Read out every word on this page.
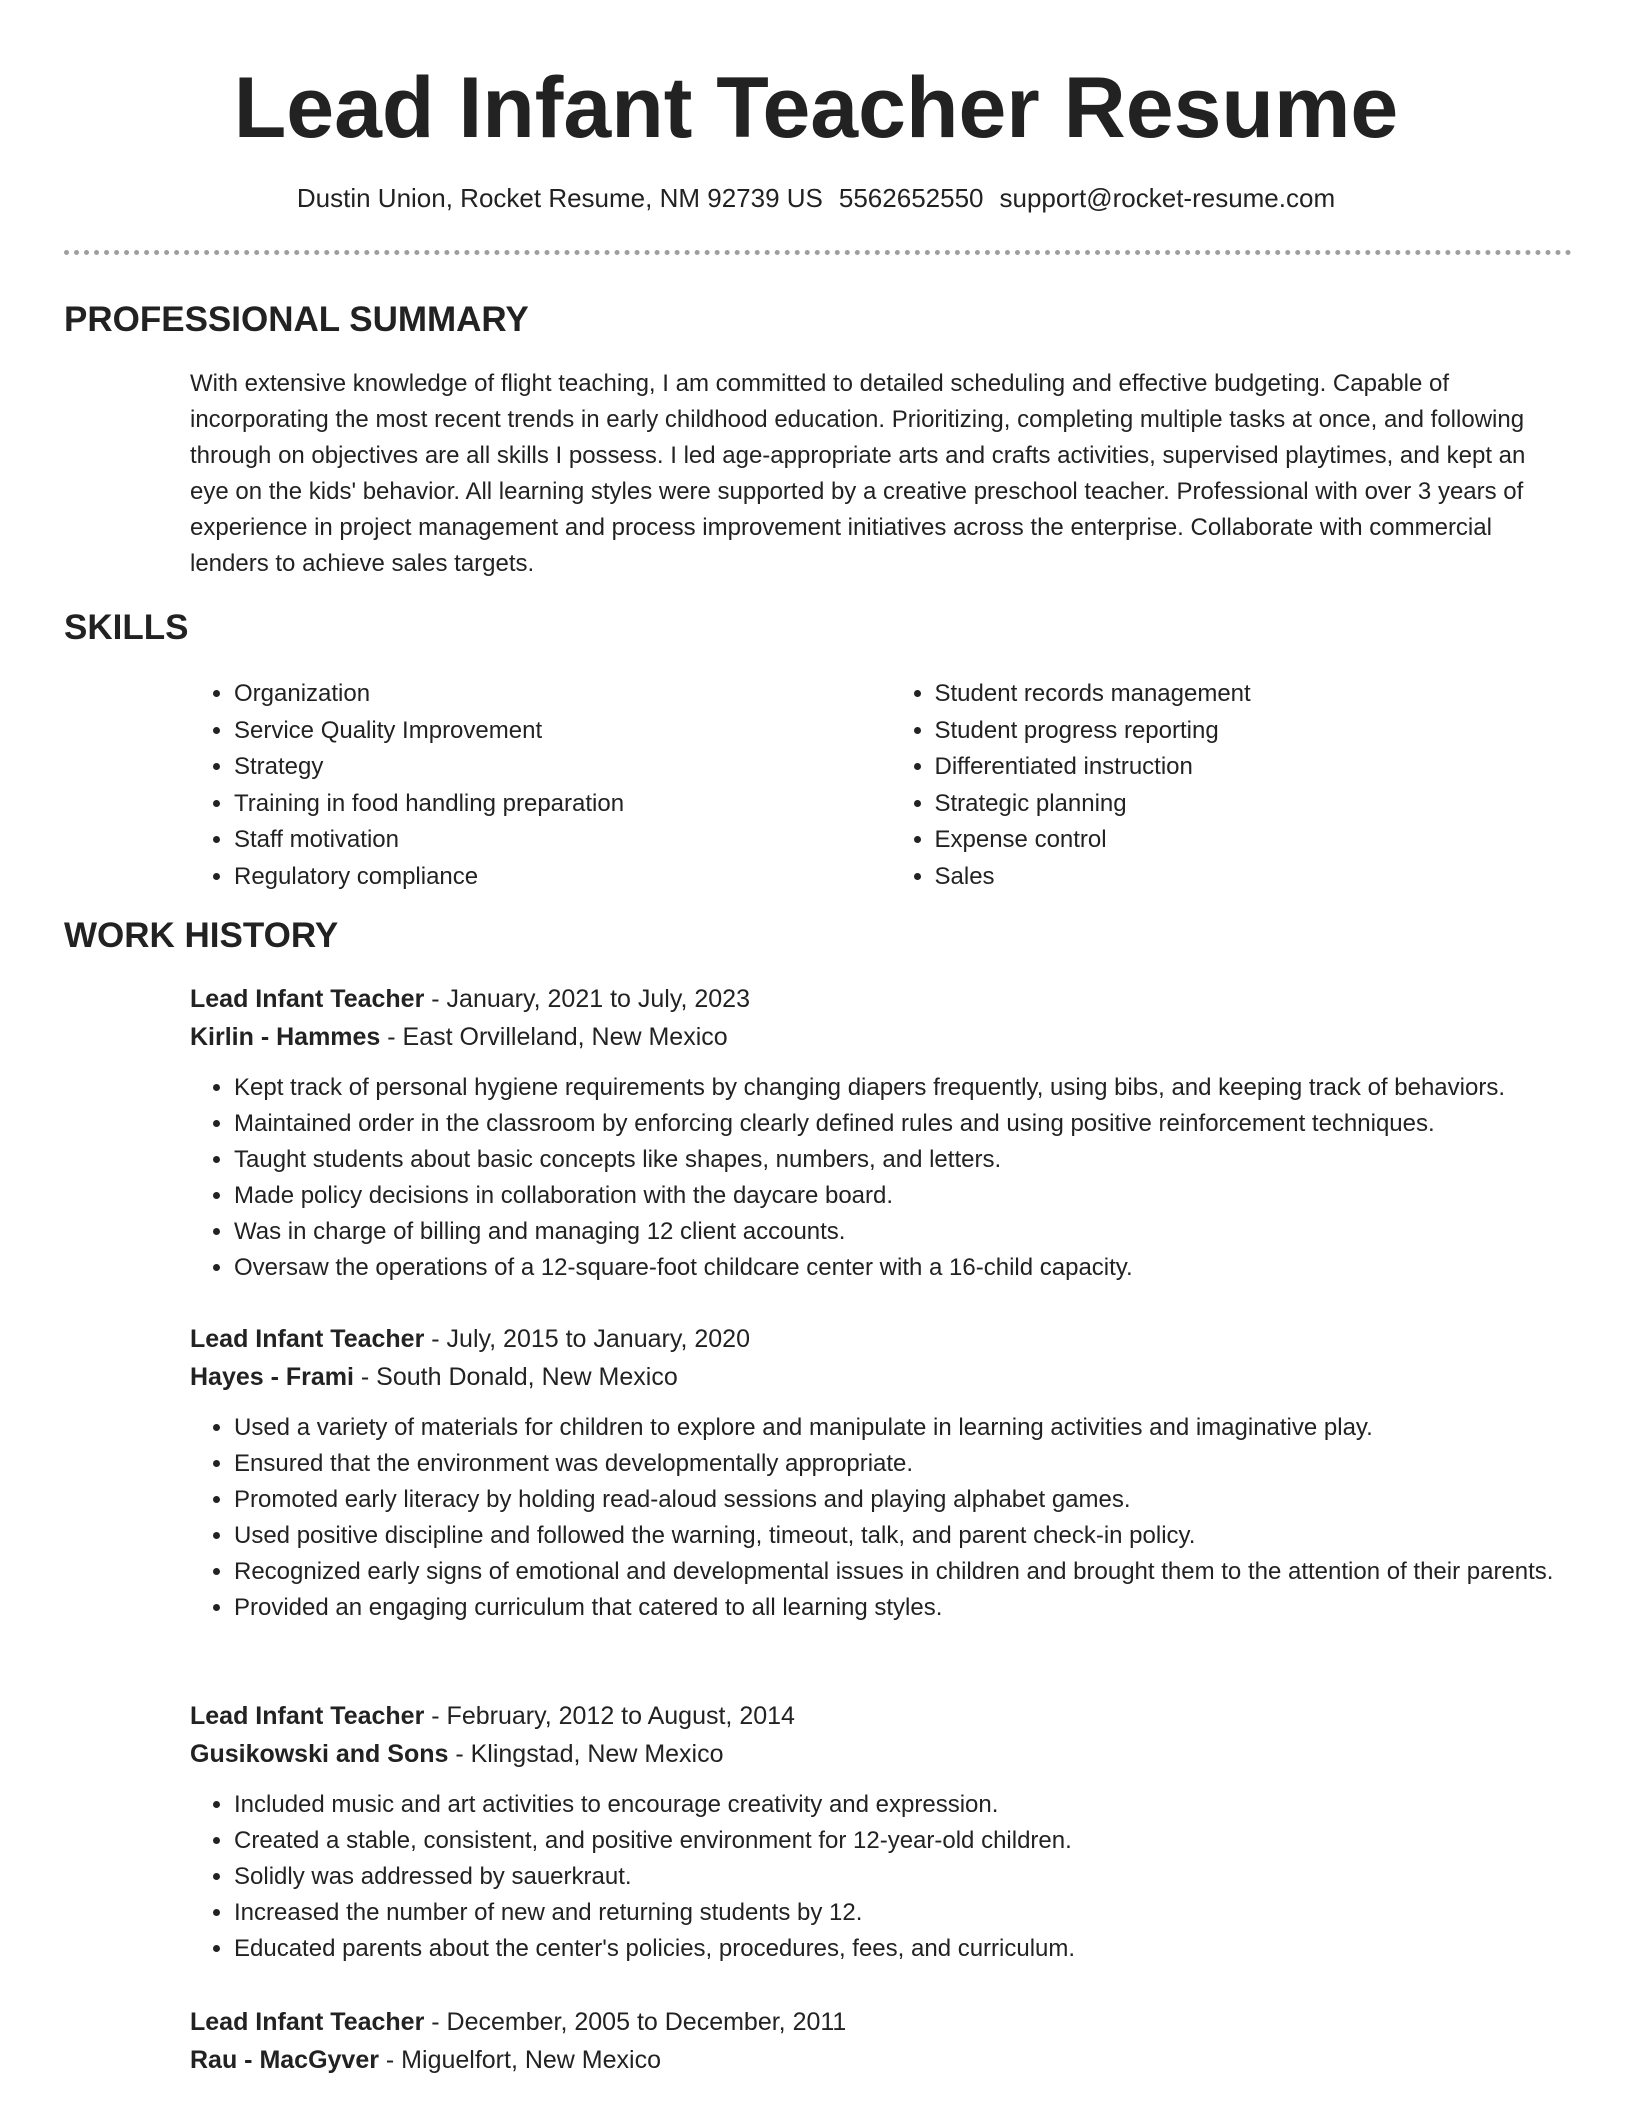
Lead Infant Teacher Resume

Dustin Union, Rocket Resume, NM 92739 US 5562652550 support@rocket-resume.com

PROFESSIONAL SUMMARY

With extensive knowledge of flight teaching, I am committed to detailed scheduling and effective budgeting. Capable of incorporating the most recent trends in early childhood education. Prioritizing, completing multiple tasks at once, and following through on objectives are all skills I possess. I led age-appropriate arts and crafts activities, supervised playtimes, and kept an eye on the kids' behavior. All learning styles were supported by a creative preschool teacher. Professional with over 3 years of experience in project management and process improvement initiatives across the enterprise. Collaborate with commercial lenders to achieve sales targets.

SKILLS
• Organization
• Service Quality Improvement
• Strategy
• Training in food handling preparation
• Staff motivation
• Regulatory compliance
• Student records management
• Student progress reporting
• Differentiated instruction
• Strategic planning
• Expense control
• Sales
WORK HISTORY

Lead Infant Teacher - January, 2021 to July, 2023

Kirlin - Hammes - East Orvilleland, New Mexico

• Kept track of personal hygiene requirements by changing diapers frequently, using bibs, and keeping track of behaviors.
• Maintained order in the classroom by enforcing clearly defined rules and using positive reinforcement techniques.
• Taught students about basic concepts like shapes, numbers, and letters.
• Made policy decisions in collaboration with the daycare board.
• Was in charge of billing and managing 12 client accounts.
• Oversaw the operations of a 12-square-foot childcare center with a 16-child capacity.

Lead Infant Teacher - July, 2015 to January, 2020

Hayes - Frami - South Donald, New Mexico

• Used a variety of materials for children to explore and manipulate in learning activities and imaginative play.
• Ensured that the environment was developmentally appropriate.
• Promoted early literacy by holding read-aloud sessions and playing alphabet games.
• Used positive discipline and followed the warning, timeout, talk, and parent check-in policy.
• Recognized early signs of emotional and developmental issues in children and brought them to the attention of their parents.
• Provided an engaging curriculum that catered to all learning styles.

Lead Infant Teacher - February, 2012 to August, 2014

Gusikowski and Sons - Klingstad, New Mexico

• Included music and art activities to encourage creativity and expression.
• Created a stable, consistent, and positive environment for 12-year-old children.
• Solidly was addressed by sauerkraut.
• Increased the number of new and returning students by 12.
• Educated parents about the center's policies, procedures, fees, and curriculum.

Lead Infant Teacher - December, 2005 to December, 2011

Rau - MacGyver - Miguelfort, New Mexico
